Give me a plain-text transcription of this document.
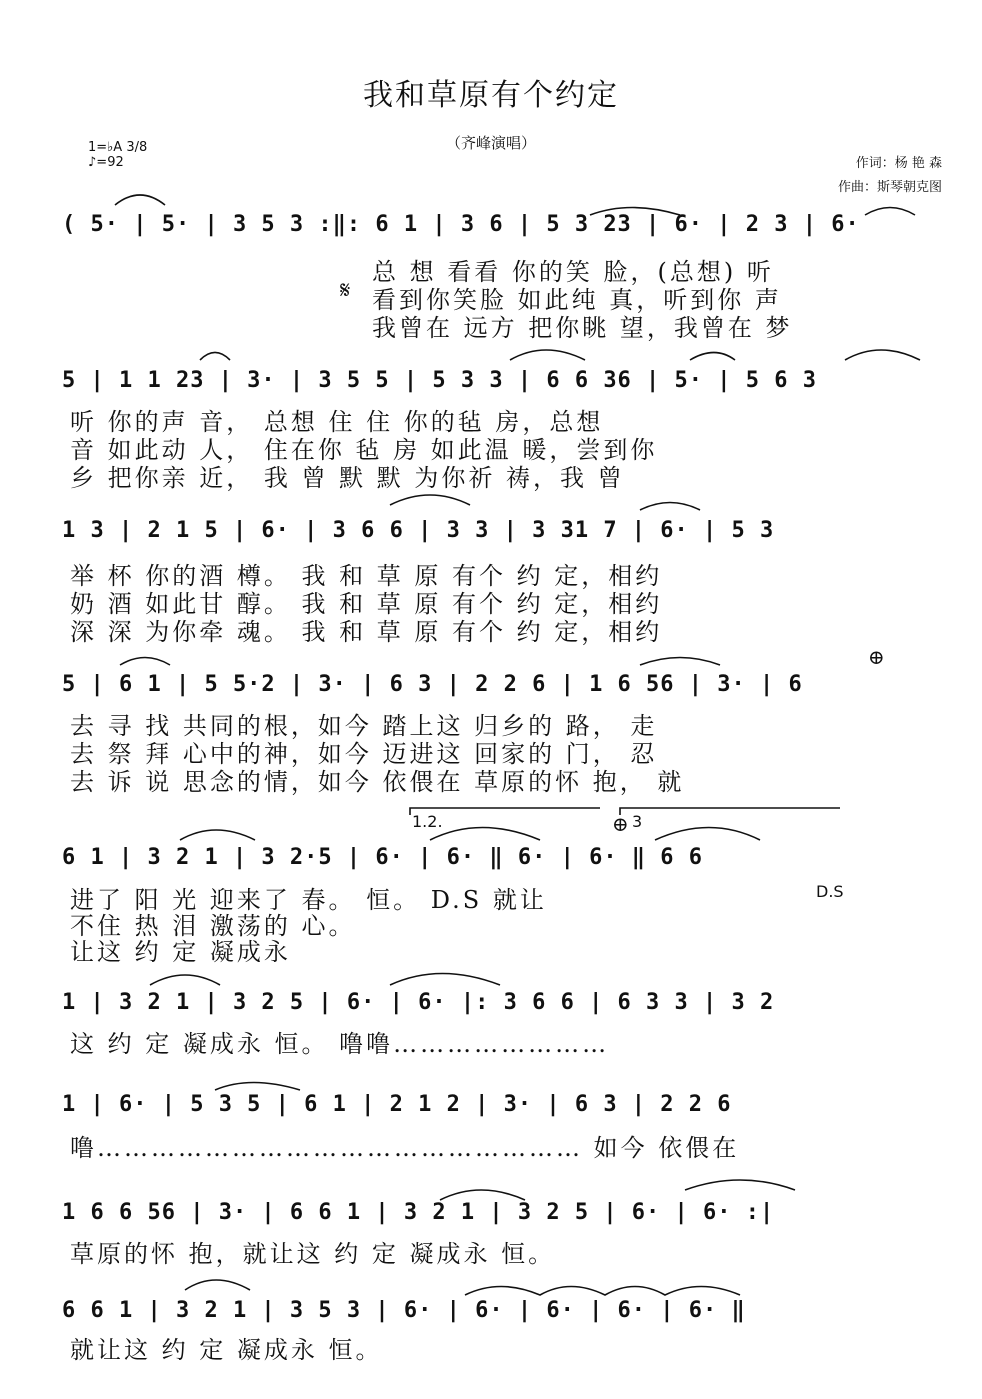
我和草原有个约定
（齐峰演唱）
作词：杨 艳 森
作曲：斯琴朝克图
1=♭A 3/8
♪=92
1.2.	3
𝄋
⊕
⊕
( 5· | 5· | 3 5 3 :‖: 6 1 | 3 6 | 5 3 23 | 6· | 2 3 | 6·
总 想 看看 你的笑 脸，(总想) 听
看到你笑脸 如此纯 真，听到你 声
我曾在 远方 把你眺 望，我曾在 梦
5 | 1 1 23 | 3· | 3 5 5 | 5 3 3 | 6 6 36 | 5· | 5 6 3
听 你的声 音， 总想 住 住 你的毡 房，总想
音 如此动 人， 住在你 毡 房 如此温 暖，尝到你
乡 把你亲 近， 我 曾 默 默 为你祈 祷，我 曾
1 3 | 2 1 5 | 6· | 3 6 6 | 3 3 | 3 31 7 | 6· | 5 3
举 杯 你的酒 樽。 我 和 草 原 有个 约 定，相约
奶 酒 如此甘 醇。 我 和 草 原 有个 约 定，相约
深 深 为你牵 魂。 我 和 草 原 有个 约 定，相约
5 | 6 1 | 5 5·2 | 3· | 6 3 | 2 2 6 | 1 6 56 | 3· | 6
去 寻 找 共同的根，如今 踏上这 归乡的 路， 走
去 祭 拜 心中的神，如今 迈进这 回家的 门， 忍
去 诉 说 思念的情，如今 依偎在 草原的怀 抱， 就
6 1 | 3 2 1 | 3 2·5 | 6· | 6· ‖ 6· | 6· ‖ 6 6
进了 阳 光 迎来了 春。 恒。 D.S 就让
不住 热 泪 激荡的 心。
让这 约 定 凝成永
1 | 3 2 1 | 3 2 5 | 6· | 6· |: 3 6 6 | 6 3 3 | 3 2
这 约 定 凝成永 恒。 噜噜……………………
1 | 6· | 5 3 5 | 6 1 | 2 1 2 | 3· | 6 3 | 2 2 6
噜……………………………………………… 如今 依偎在
1 6 6 56 | 3· | 6 6 1 | 3 2 1 | 3 2 5 | 6· | 6· :|
草原的怀 抱，就让这 约 定 凝成永 恒。
6 6 1 | 3 2 1 | 3 5 3 | 6· | 6· | 6· | 6· | 6· ‖
就让这 约 定 凝成永 恒。
D.S
